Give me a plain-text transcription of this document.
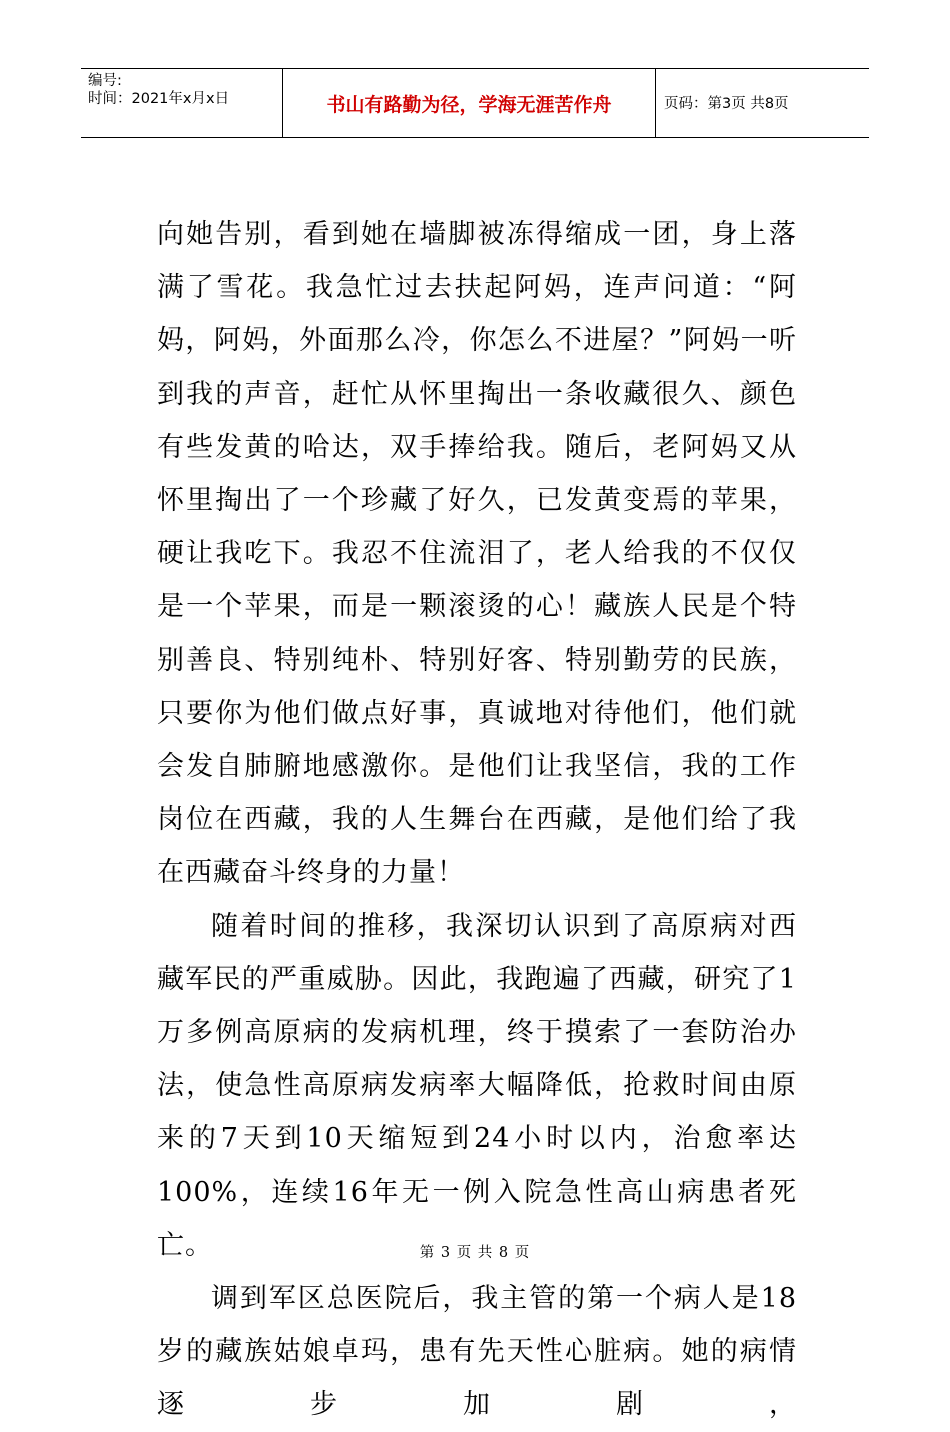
编号:
时间：2021年x月x日	书山有路勤为径，学海无涯苦作舟	页码：第3页 共8页

向她告别，看到她在墙脚被冻得缩成一团，身上落满了雪花。我急忙过去扶起阿妈，连声问道：“阿妈，阿妈，外面那么冷，你怎么不进屋？”阿妈一听到我的声音，赶忙从怀里掏出一条收藏很久、颜色有些发黄的哈达，双手捧给我。随后，老阿妈又从怀里掏出了一个珍藏了好久，已发黄变焉的苹果，硬让我吃下。我忍不住流泪了，老人给我的不仅仅是一个苹果，而是一颗滚烫的心！藏族人民是个特别善良、特别纯朴、特别好客、特别勤劳的民族，只要你为他们做点好事，真诚地对待他们，他们就会发自肺腑地感激你。是他们让我坚信，我的工作岗位在西藏，我的人生舞台在西藏，是他们给了我在西藏奋斗终身的力量！

随着时间的推移，我深切认识到了高原病对西藏军民的严重威胁。因此，我跑遍了西藏，研究了1万多例高原病的发病机理，终于摸索了一套防治办法，使急性高原病发病率大幅降低，抢救时间由原来的7天到10天缩短到24小时以内，治愈率达100%，连续16年无一例入院急性高山病患者死亡。

调到军区总医院后，我主管的第一个病人是18岁的藏族姑娘卓玛，患有先天性心脏病。她的病情逐步加剧，

第 3 页 共 8 页
